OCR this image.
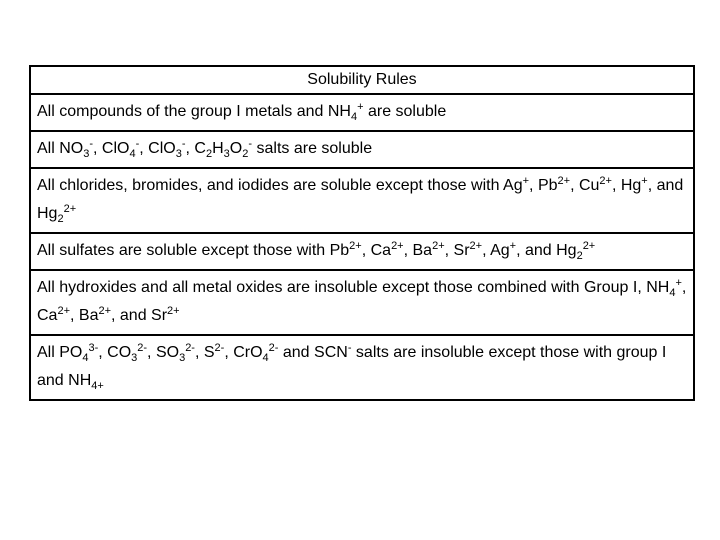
Solubility Rules
All compounds of the group I metals and $NH_4^+$ are soluble
All $NO_3^-$, ClO$_4$-, ClO$_3$-, $C_2H_3O_2^-$ salts are soluble
All chlorides, bromides, and iodides are soluble except those with Ag+, $Pb^{2+}$, $Cu^{2+}$, Hg+, and $Hg_2^{2+}$
All sulfates are soluble except those with $Pb^{2+}$, $Ca^{2+}$, $Ba^{2+}$, $Sr^{2+}$, Ag+, and $Hg_2^{2+}$
All hydroxides and all metal oxides are insoluble except those combined with Group I, $NH_4^+$, $Ca^{2+}$, $Ba^{2+}$, and $Sr^{2+}$
All $PO_4^{3-}$, $CO_3^{2-}$, $SO_3^{2-}$, $S^{2-}$, CrO$_4^{2-}$ and SCN- salts are insoluble except those with group I and $NH_{4+}$
